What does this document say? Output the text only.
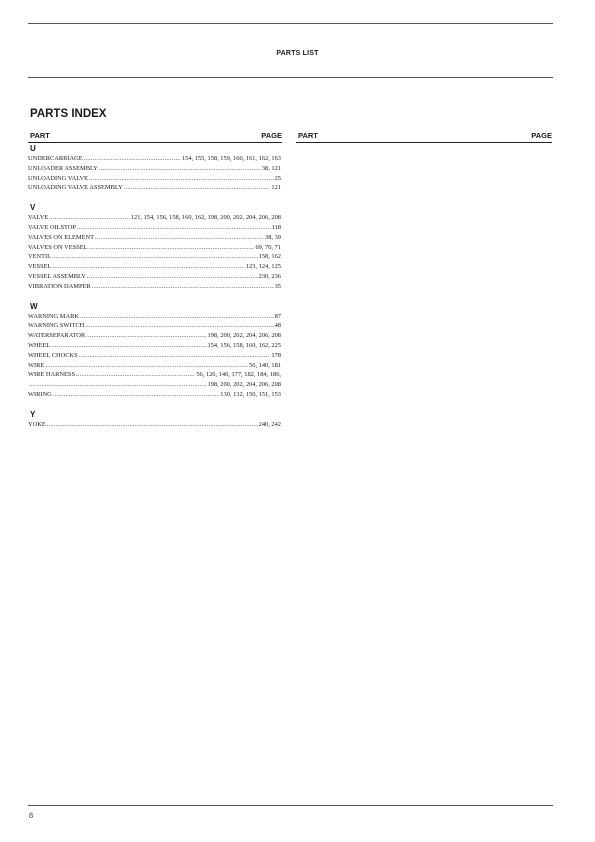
PARTS LIST
PARTS INDEX
PART	PAGE PART	PAGE
U
UNDERCARRIAGE .....	154, 155, 158, 159, 160, 161, 162, 163
UNLOADER ASSEMBLY .....	38, 121
UNLOADING VALVE .....	25
UNLOADING VALVE ASSEMBLY .....	121
V
VALVE .....	121, 154, 156, 158, 160, 162, 198, 200, 202, 204, 206, 208
VALVE OILSTOP .....	118
VALVES ON ELEMENT .....	38, 39
VALVES ON VESSEL .....	69, 70, 71
VENTIL .....	158, 162
VESSEL .....	123, 124, 125
VESSEL ASSEMBLY .....	230, 236
VIBRATION DAMPER .....	35
W
WARNING MARK .....	87
WARNING SWITCH .....	48
WATERSEPARATOR .....	198, 200, 202, 204, 206, 208
WHEEL .....	154, 156, 158, 160, 162, 225
WHEEL CHOCKS .....	178
WIRE .....	56, 140, 181
WIRE HARNESS .....	56, 126, 140, 177, 182, 184, 186,
.....
198, 200, 202, 204, 206, 208
WIRING .....	130, 132, 150, 151, 153
Y
YOKE .....	240, 242
8
